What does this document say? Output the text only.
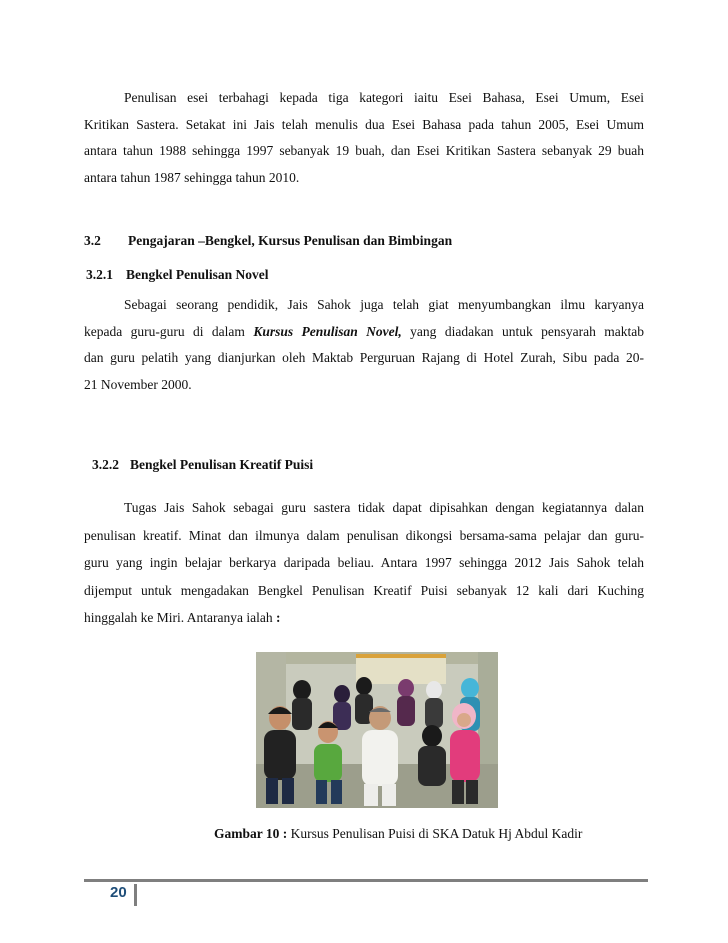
Penulisan esei terbahagi kepada tiga kategori iaitu Esei Bahasa, Esei Umum, Esei
Kritikan Sastera. Setakat ini Jais telah menulis dua Esei Bahasa pada tahun 2005, Esei Umum
antara tahun 1988 sehingga 1997 sebanyak 19 buah, dan Esei Kritikan Sastera sebanyak 29 buah
antara tahun 1987 sehingga tahun 2010.
3.2 Pengajaran –Bengkel, Kursus Penulisan dan Bimbingan
3.2.1 Bengkel Penulisan Novel
Sebagai seorang pendidik, Jais Sahok juga telah giat menyumbangkan ilmu karyanya
kepada guru-guru di dalam Kursus Penulisan Novel, yang diadakan untuk pensyarah maktab
dan guru pelatih yang dianjurkan oleh Maktab Perguruan Rajang di Hotel Zurah, Sibu pada 20-
21 November 2000.
3.2.2 Bengkel Penulisan Kreatif Puisi
Tugas Jais Sahok sebagai guru sastera tidak dapat dipisahkan dengan kegiatannya dalan
penulisan kreatif. Minat dan ilmunya dalam penulisan dikongsi bersama-sama pelajar dan guru-
guru yang ingin belajar berkarya daripada beliau. Antara 1997 sehingga 2012 Jais Sahok telah
dijemput untuk mengadakan Bengkel Penulisan Kreatif Puisi sebanyak 12 kali dari Kuching
hinggalah ke Miri. Antaranya ialah :
Gambar 10 : Kursus Penulisan Puisi di SKA Datuk Hj Abdul Kadir
20
